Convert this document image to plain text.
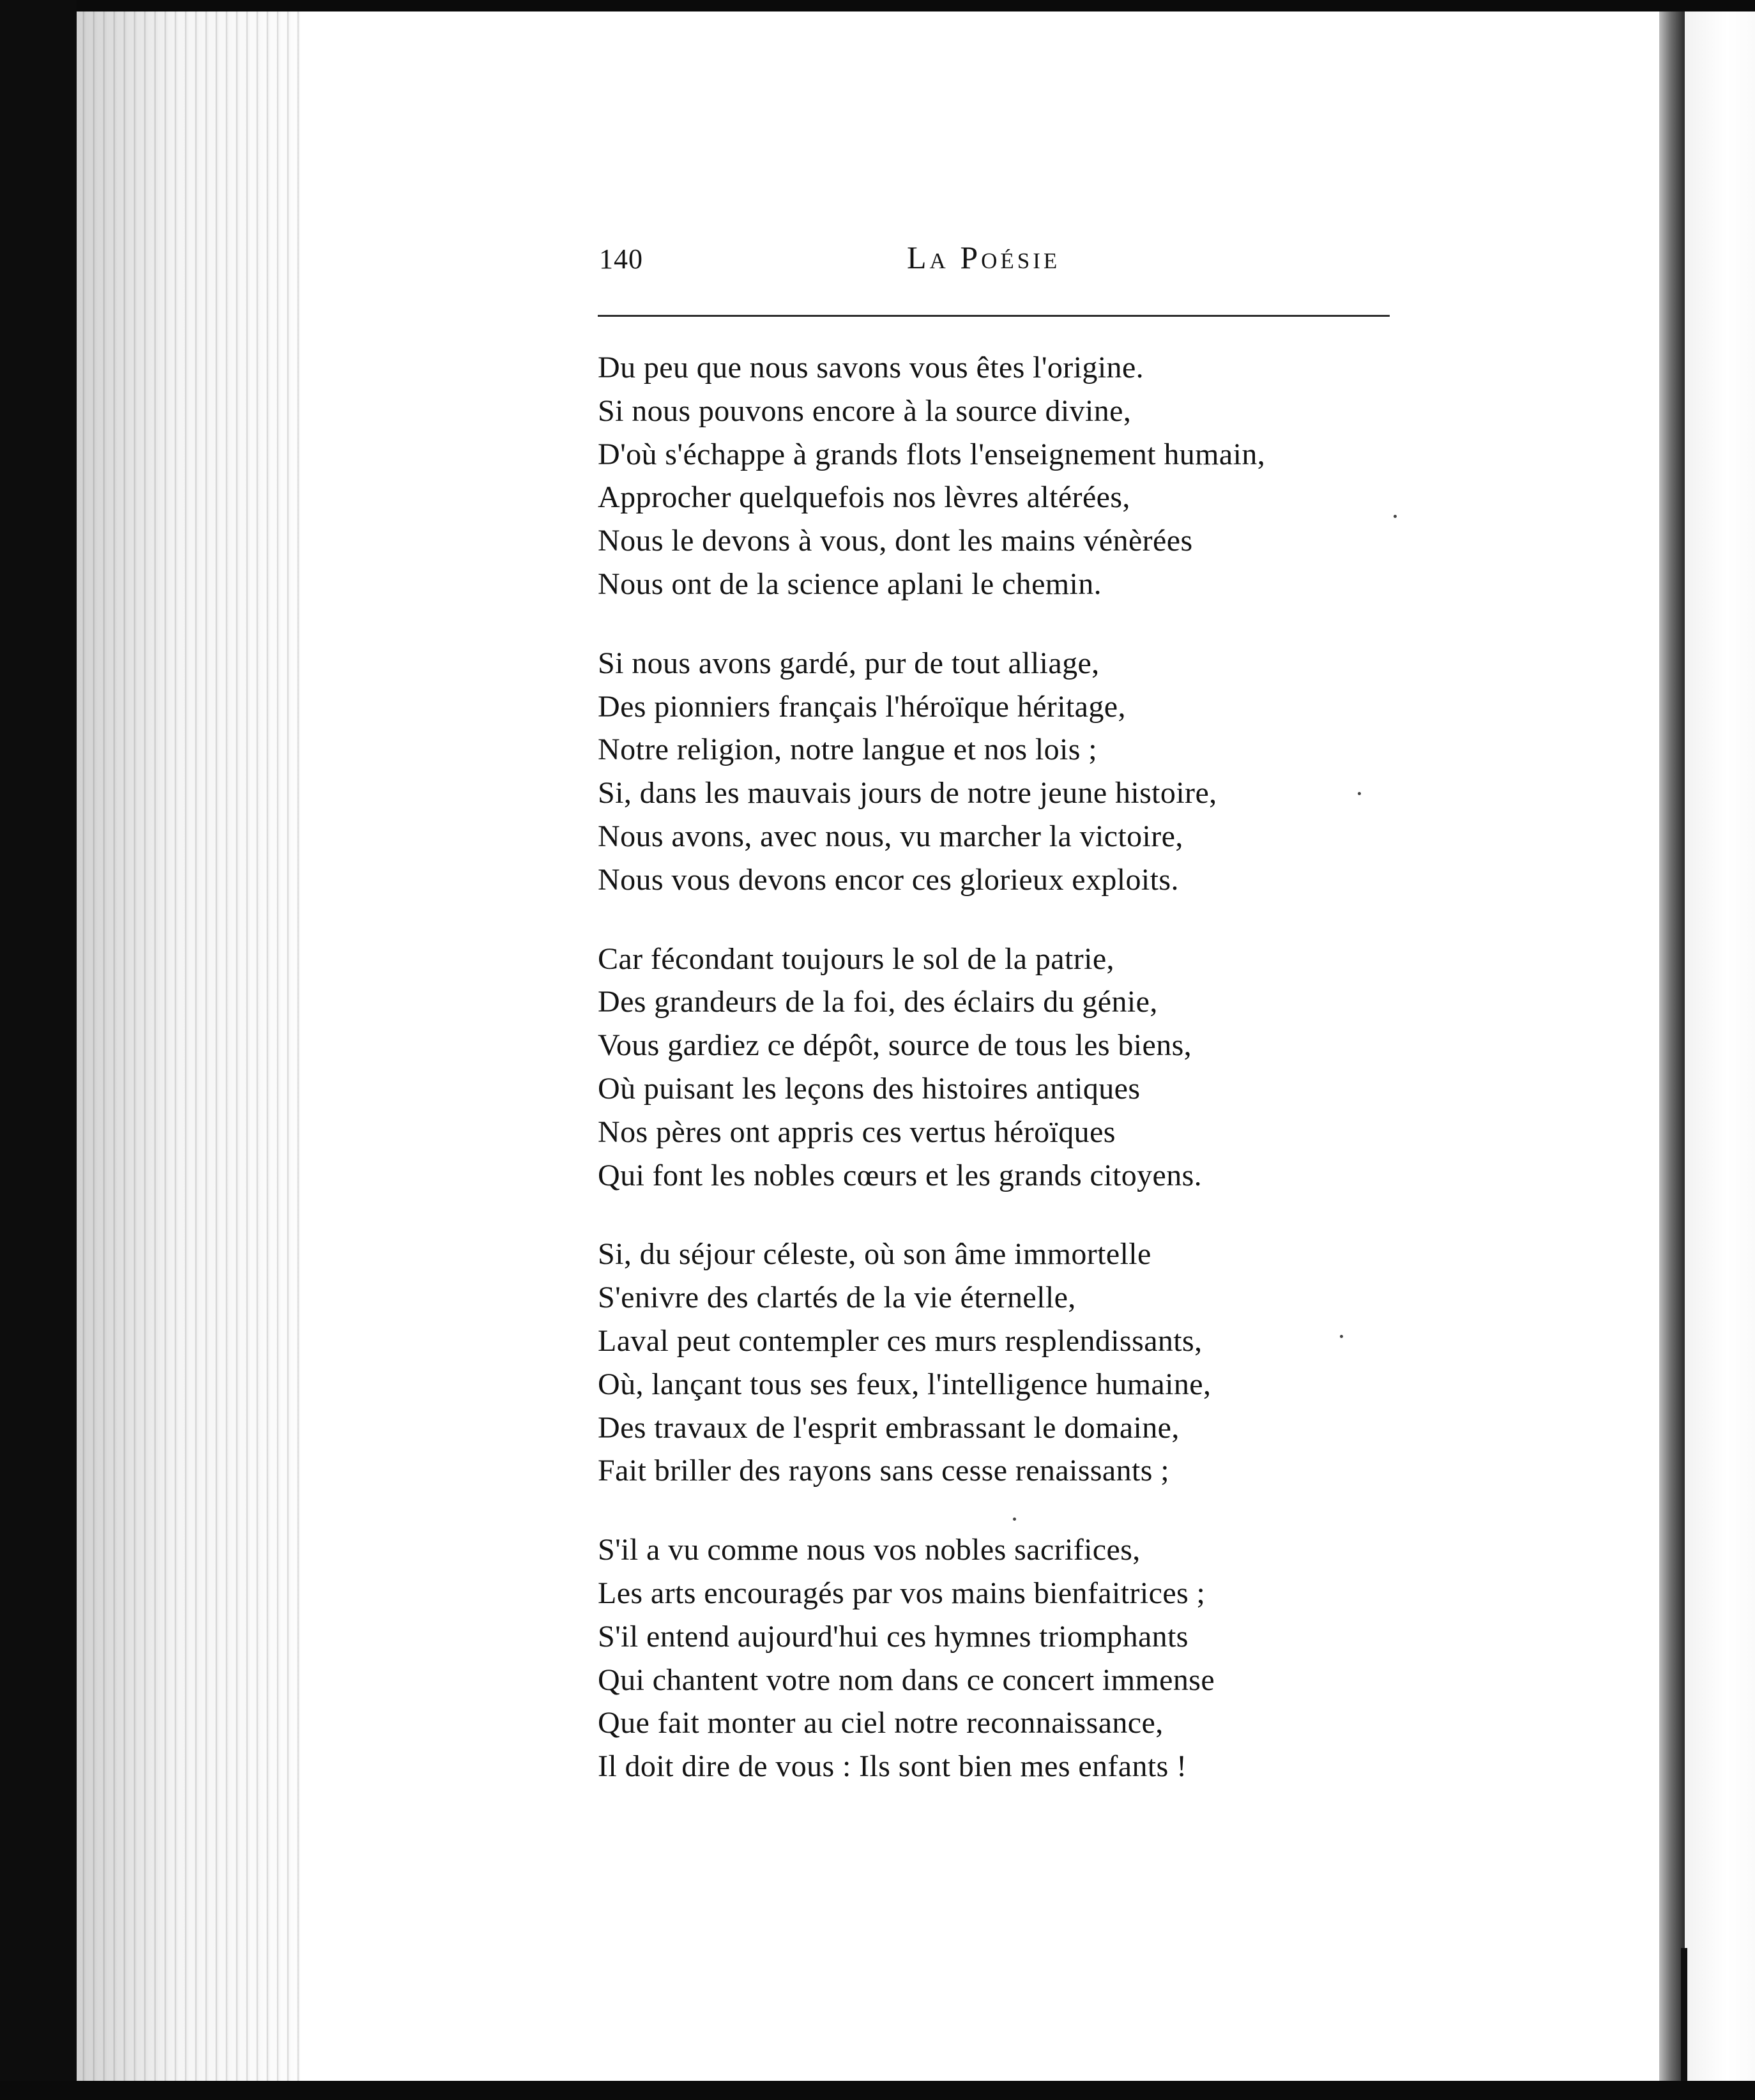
140	La Poésie
Du peu que nous savons vous êtes l'origine.
Si nous pouvons encore à la source divine,
D'où s'échappe à grands flots l'enseignement humain,
Approcher quelquefois nos lèvres altérées,
Nous le devons à vous, dont les mains vénèrées
Nous ont de la science aplani le chemin.
Si nous avons gardé, pur de tout alliage,
Des pionniers français l'héroïque héritage,
Notre religion, notre langue et nos lois ;
Si, dans les mauvais jours de notre jeune histoire,
Nous avons, avec nous, vu marcher la victoire,
Nous vous devons encor ces glorieux exploits.
Car fécondant toujours le sol de la patrie,
Des grandeurs de la foi, des éclairs du génie,
Vous gardiez ce dépôt, source de tous les biens,
Où puisant les leçons des histoires antiques
Nos pères ont appris ces vertus héroïques
Qui font les nobles cœurs et les grands citoyens.
Si, du séjour céleste, où son âme immortelle
S'enivre des clartés de la vie éternelle,
Laval peut contempler ces murs resplendissants,
Où, lançant tous ses feux, l'intelligence humaine,
Des travaux de l'esprit embrassant le domaine,
Fait briller des rayons sans cesse renaissants ;
S'il a vu comme nous vos nobles sacrifices,
Les arts encouragés par vos mains bienfaitrices ;
S'il entend aujourd'hui ces hymnes triomphants
Qui chantent votre nom dans ce concert immense
Que fait monter au ciel notre reconnaissance,
Il doit dire de vous : Ils sont bien mes enfants !
